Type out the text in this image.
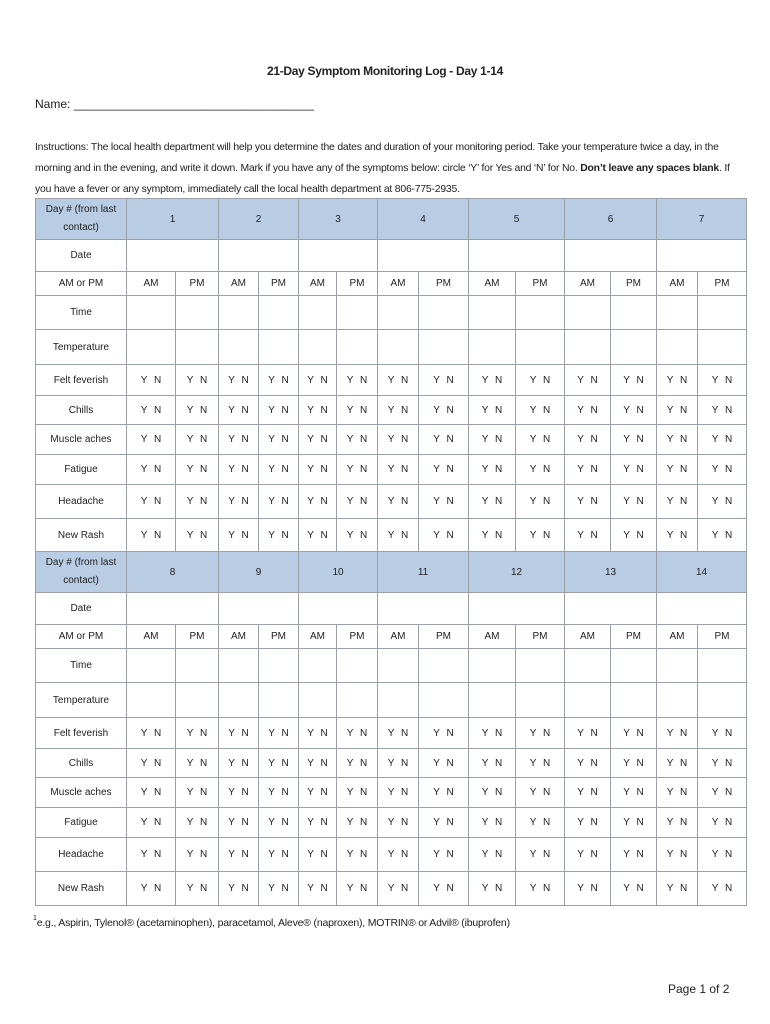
21-Day Symptom Monitoring Log - Day 1-14
Name: ____________________________________
Instructions: The local health department will help you determine the dates and duration of your monitoring period. Take your temperature twice a day, in the morning and in the evening, and write it down. Mark if you have any of the symptoms below: circle ‘Y’ for Yes and ‘N’ for No. Don’t leave any spaces blank. If you have a fever or any symptom, immediately call the local health department at 806-775-2935.
Day # (from last contact)	1		2		3		4		5		6		7	
Date														
AM or PM	AM	PM	AM	PM	AM	PM	AM	PM	AM	PM	AM	PM	AM	PM
Time														
Temperature														
Felt feverish	Y N	Y N	Y N	Y N	Y N	Y N	Y N	Y N	Y N	Y N	Y N	Y N	Y N	Y N
Chills	Y N	Y N	Y N	Y N	Y N	Y N	Y N	Y N	Y N	Y N	Y N	Y N	Y N	Y N
Muscle aches	Y N	Y N	Y N	Y N	Y N	Y N	Y N	Y N	Y N	Y N	Y N	Y N	Y N	Y N
Fatigue	Y N	Y N	Y N	Y N	Y N	Y N	Y N	Y N	Y N	Y N	Y N	Y N	Y N	Y N
Headache	Y N	Y N	Y N	Y N	Y N	Y N	Y N	Y N	Y N	Y N	Y N	Y N	Y N	Y N
New Rash	Y N	Y N	Y N	Y N	Y N	Y N	Y N	Y N	Y N	Y N	Y N	Y N	Y N	Y N
Day # (from last contact)	8		9		10		11		12		13		14	
Date														
AM or PM	AM	PM	AM	PM	AM	PM	AM	PM	AM	PM	AM	PM	AM	PM
Time														
Temperature														
Felt feverish	Y N	Y N	Y N	Y N	Y N	Y N	Y N	Y N	Y N	Y N	Y N	Y N	Y N	Y N
Chills	Y N	Y N	Y N	Y N	Y N	Y N	Y N	Y N	Y N	Y N	Y N	Y N	Y N	Y N
Muscle aches	Y N	Y N	Y N	Y N	Y N	Y N	Y N	Y N	Y N	Y N	Y N	Y N	Y N	Y N
Fatigue	Y N	Y N	Y N	Y N	Y N	Y N	Y N	Y N	Y N	Y N	Y N	Y N	Y N	Y N
Headache	Y N	Y N	Y N	Y N	Y N	Y N	Y N	Y N	Y N	Y N	Y N	Y N	Y N	Y N
New Rash	Y N	Y N	Y N	Y N	Y N	Y N	Y N	Y N	Y N	Y N	Y N	Y N	Y N	Y N
$^1$e.g., Aspirin, Tylenol® (acetaminophen), paracetamol, Aleve® (naproxen), MOTRIN® or Advil® (ibuprofen)
Page 1 of 2
